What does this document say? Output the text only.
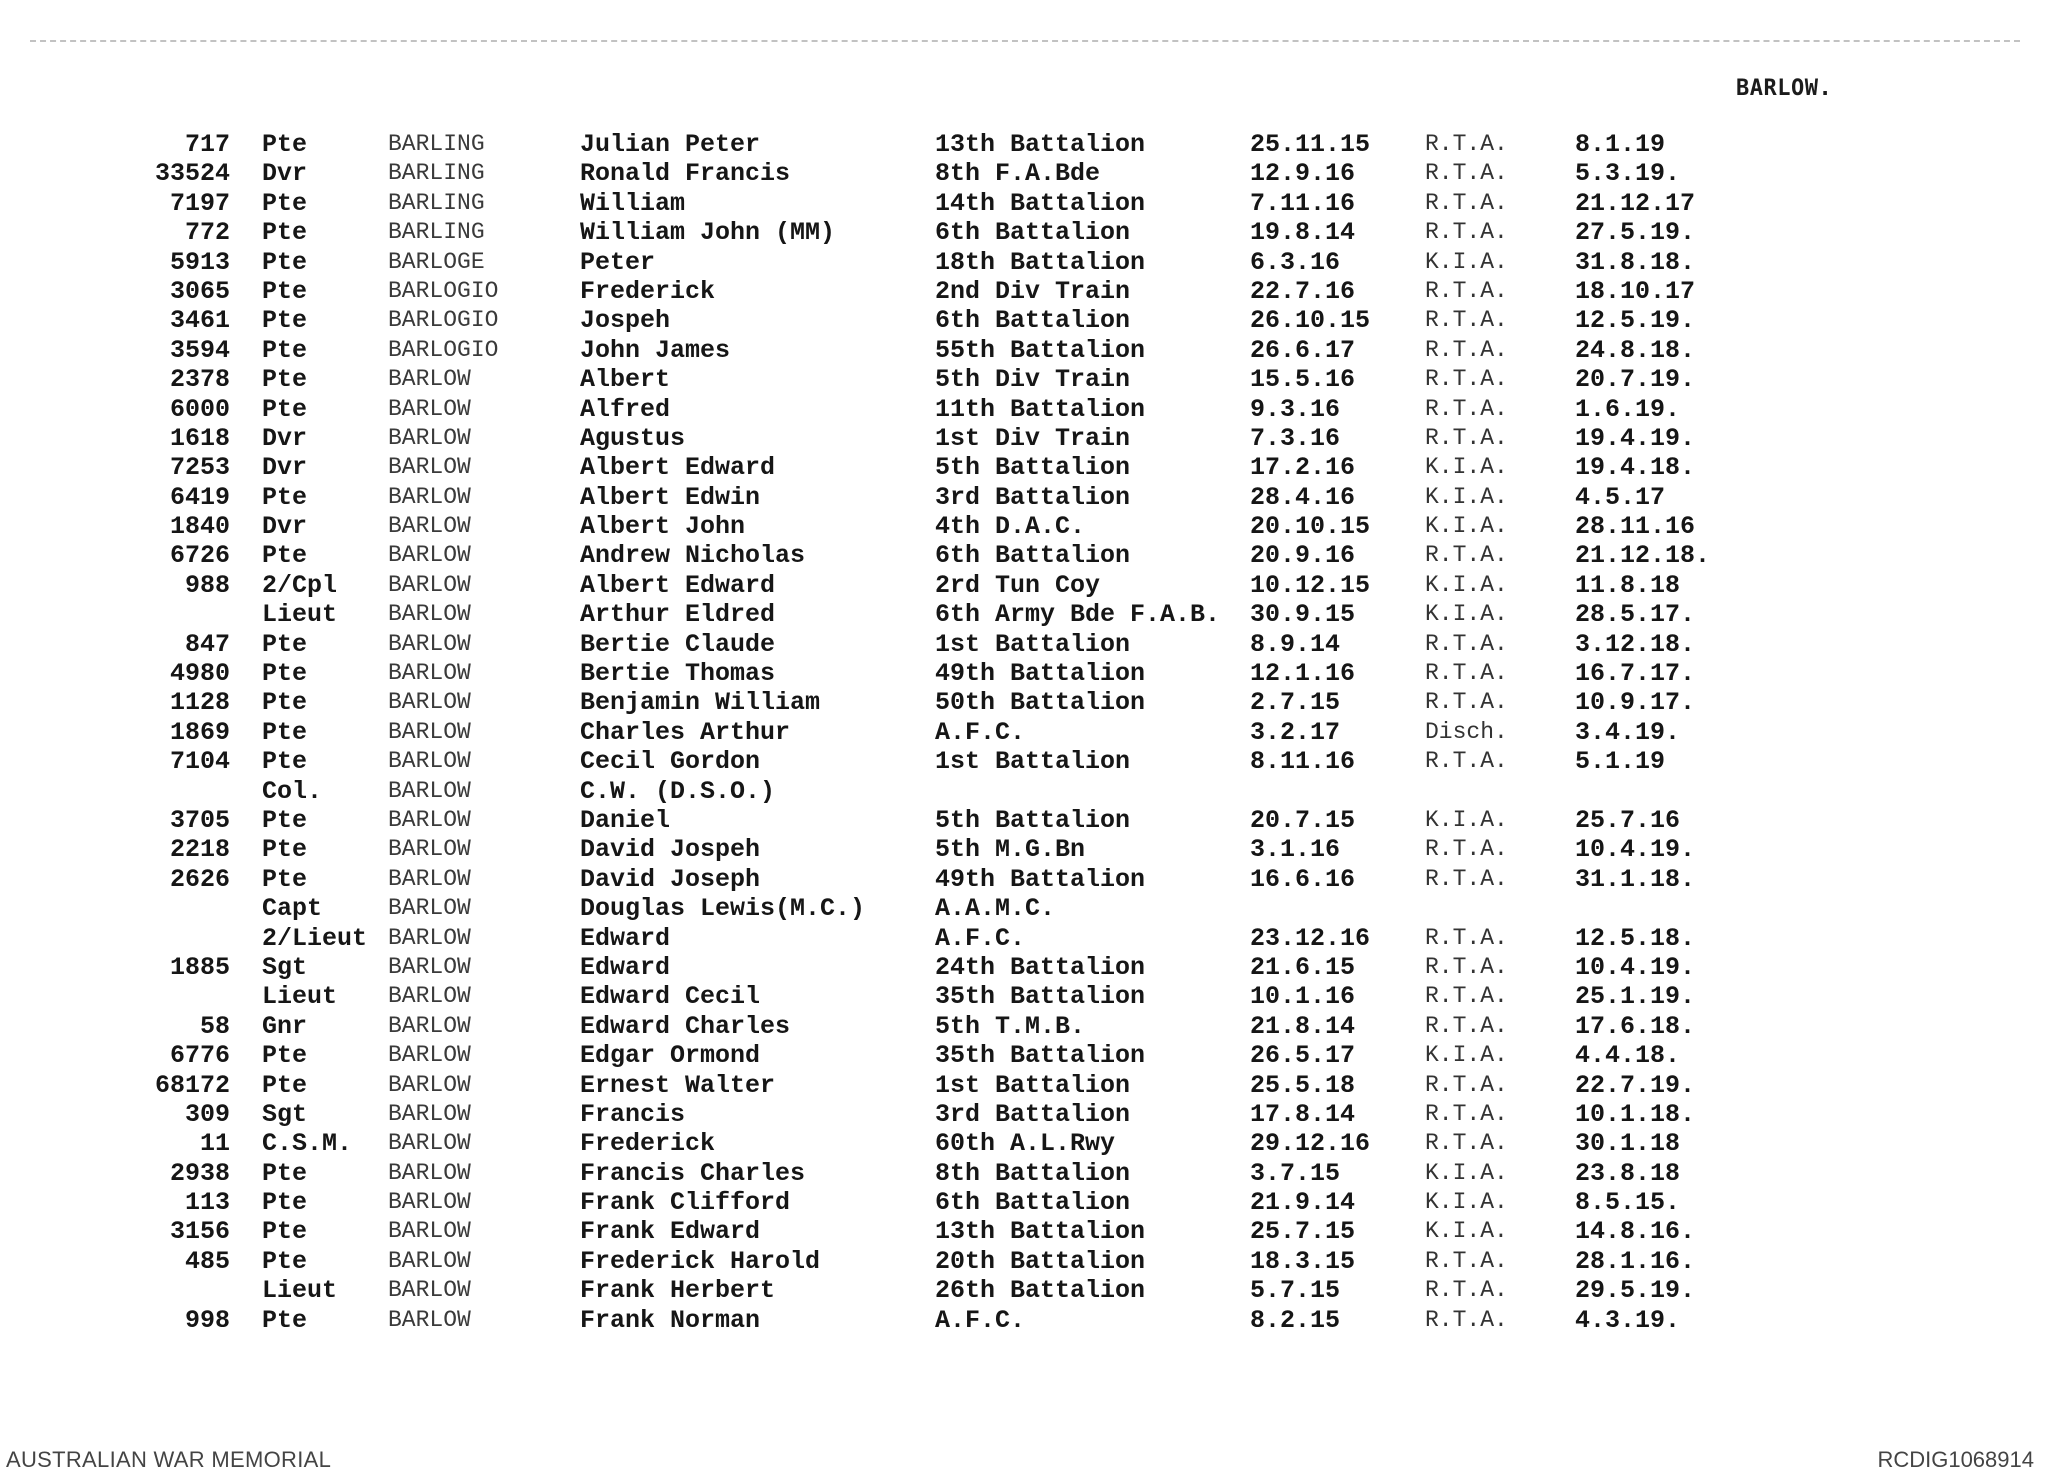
BARLOW.
717 Pte	BARLING	Julian Peter	13th Battalion	25.11.15 R.T.A.	8.1.19
33524 Dvr	BARLING	Ronald Francis	8th F.A.Bde	12.9.16	R.T.A.	5.3.19.
7197 Pte	BARLING	William	14th Battalion	7.11.16	R.T.A.	21.12.17
772 Pte	BARLING	William John (MM)	6th Battalion	19.8.14	R.T.A.	27.5.19.
5913 Pte	BARLOGE	Peter	18th Battalion	6.3.16	K.I.A.	31.8.18.
3065 Pte	BARLOGIO	Frederick	2nd Div Train	22.7.16	R.T.A.	18.10.17
3461 Pte	BARLOGIO	Jospeh	6th Battalion	26.10.15 R.T.A.	12.5.19.
3594 Pte	BARLOGIO	John James	55th Battalion	26.6.17	R.T.A.	24.8.18.
2378 Pte	BARLOW	Albert	5th Div Train	15.5.16	R.T.A.	20.7.19.
6000 Pte	BARLOW	Alfred	11th Battalion	9.3.16	R.T.A.	1.6.19.
1618 Dvr	BARLOW	Agustus	1st Div Train	7.3.16	R.T.A.	19.4.19.
7253 Dvr	BARLOW	Albert Edward	5th Battalion	17.2.16	K.I.A.	19.4.18.
6419 Pte	BARLOW	Albert Edwin	3rd Battalion	28.4.16	K.I.A.	4.5.17
1840 Dvr	BARLOW	Albert John	4th D.A.C.	20.10.15 K.I.A.	28.11.16
6726 Pte	BARLOW	Andrew Nicholas	6th Battalion	20.9.16	R.T.A.	21.12.18.
988 2/Cpl BARLOW	Albert Edward	2rd Tun Coy	10.12.15 K.I.A.	11.8.18
Lieut BARLOW	Arthur Eldred	6th Army Bde F.A.B. 30.9.15	K.I.A.	28.5.17.
847 Pte	BARLOW	Bertie Claude	1st Battalion	8.9.14	R.T.A.	3.12.18.
4980 Pte	BARLOW	Bertie Thomas	49th Battalion	12.1.16	R.T.A.	16.7.17.
1128 Pte	BARLOW	Benjamin William	50th Battalion	2.7.15	R.T.A.	10.9.17.
1869 Pte	BARLOW	Charles Arthur	A.F.C.	3.2.17	Disch.	3.4.19.
7104 Pte	BARLOW	Cecil Gordon	1st Battalion	8.11.16	R.T.A.	5.1.19
Col.	BARLOW	C.W. (D.S.O.)
3705 Pte	BARLOW	Daniel	5th Battalion	20.7.15	K.I.A.	25.7.16
2218 Pte	BARLOW	David Jospeh	5th M.G.Bn	3.1.16	R.T.A.	10.4.19.
2626 Pte	BARLOW	David Joseph	49th Battalion	16.6.16	R.T.A.	31.1.18.
Capt	BARLOW	Douglas Lewis(M.C.)	A.A.M.C.
2/Lieut BARLOW	Edward	A.F.C.	23.12.16 R.T.A.	12.5.18.
1885 Sgt	BARLOW	Edward	24th Battalion	21.6.15	R.T.A.	10.4.19.
Lieut BARLOW	Edward Cecil	35th Battalion	10.1.16	R.T.A.	25.1.19.
58 Gnr	BARLOW	Edward Charles	5th T.M.B.	21.8.14	R.T.A.	17.6.18.
6776 Pte	BARLOW	Edgar Ormond	35th Battalion	26.5.17	K.I.A.	4.4.18.
68172 Pte	BARLOW	Ernest Walter	1st Battalion	25.5.18	R.T.A.	22.7.19.
309 Sgt	BARLOW	Francis	3rd Battalion	17.8.14	R.T.A.	10.1.18.
11 C.S.M. BARLOW	Frederick	60th A.L.Rwy	29.12.16 R.T.A.	30.1.18
2938 Pte	BARLOW	Francis Charles	8th Battalion	3.7.15	K.I.A.	23.8.18
113 Pte	BARLOW	Frank Clifford	6th Battalion	21.9.14	K.I.A.	8.5.15.
3156 Pte	BARLOW	Frank Edward	13th Battalion	25.7.15	K.I.A.	14.8.16.
485 Pte	BARLOW	Frederick Harold	20th Battalion	18.3.15	R.T.A.	28.1.16.
Lieut BARLOW	Frank Herbert	26th Battalion	5.7.15	R.T.A.	29.5.19.
998 Pte	BARLOW	Frank Norman	A.F.C.	8.2.15	R.T.A.	4.3.19.
AUSTRALIAN WAR MEMORIAL	RCDIG1068914
